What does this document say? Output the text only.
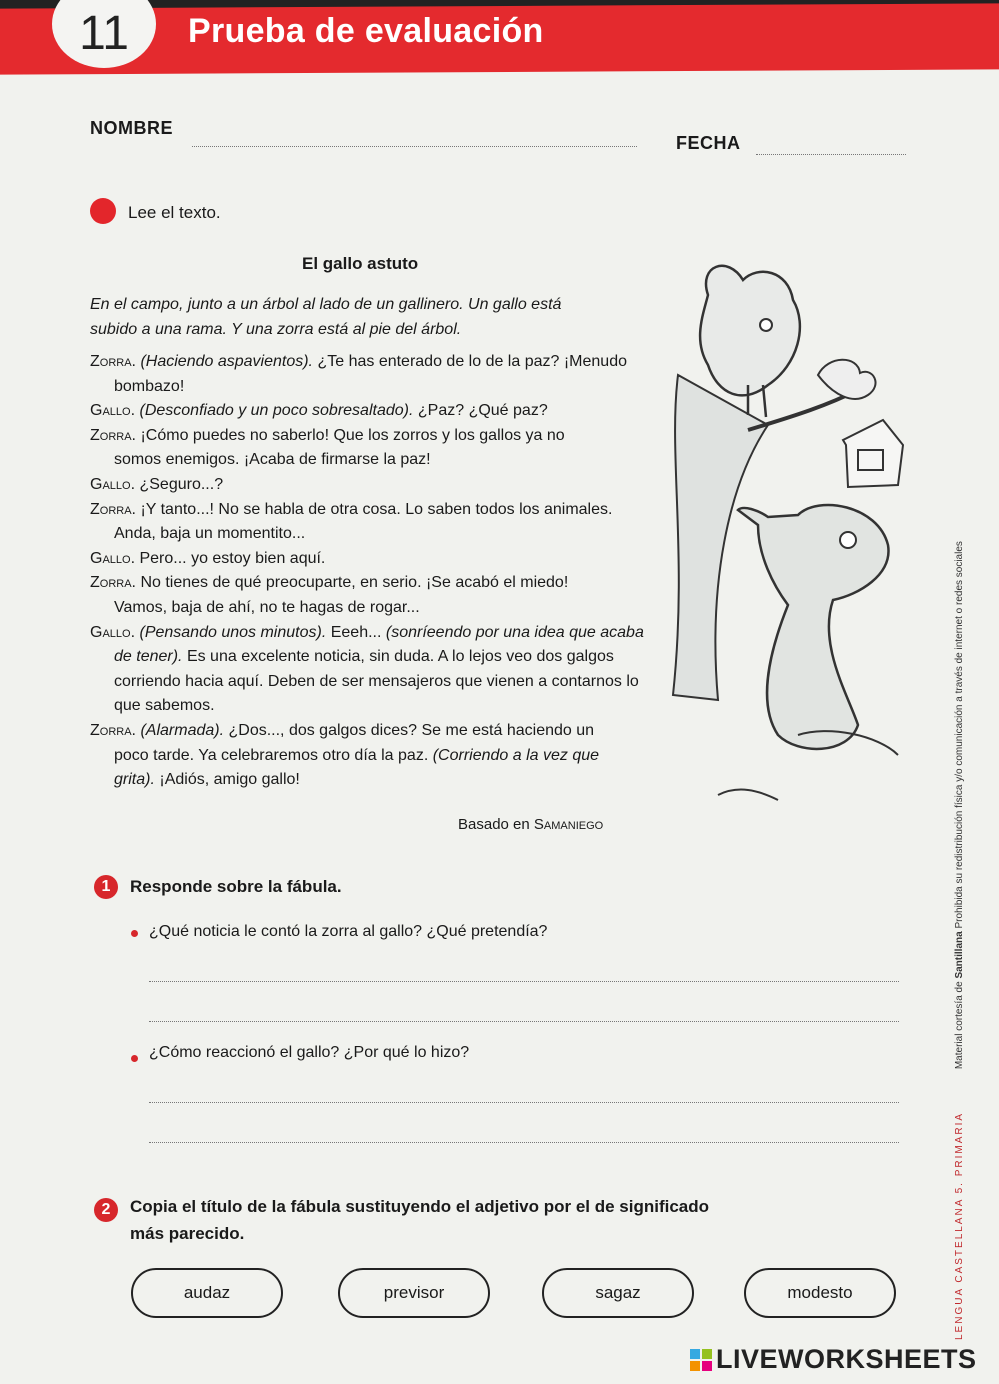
11 Prueba de evaluación
NOMBRE
FECHA
Lee el texto.
El gallo astuto
En el campo, junto a un árbol al lado de un gallinero. Un gallo está
subido a una rama. Y una zorra está al pie del árbol.

Zorra. (Haciendo aspavientos). ¿Te has enterado de lo de la paz? ¡Menudo bombazo!

Gallo. (Desconfiado y un poco sobresaltado). ¿Paz? ¿Qué paz?

Zorra. ¡Cómo puedes no saberlo! Que los zorros y los gallos ya no somos enemigos. ¡Acaba de firmarse la paz!

Gallo. ¿Seguro...?

Zorra. ¡Y tanto...! No se habla de otra cosa. Lo saben todos los animales. Anda, baja un momentito...

Gallo. Pero... yo estoy bien aquí.

Zorra. No tienes de qué preocuparte, en serio. ¡Se acabó el miedo! Vamos, baja de ahí, no te hagas de rogar...

Gallo. (Pensando unos minutos). Eeeh... (sonríeendo por una idea que acaba de tener). Es una excelente noticia, sin duda. A lo lejos veo dos galgos corriendo hacia aquí. Deben de ser mensajeros que vienen a contarnos lo que sabemos.

Zorra. (Alarmada). ¿Dos..., dos galgos dices? Se me está haciendo un poco tarde. Ya celebraremos otro día la paz. (Corriendo a la vez que grita). ¡Adiós, amigo gallo!

Basado en Samaniego
1	Responde sobre la fábula.
¿Qué noticia le contó la zorra al gallo? ¿Qué pretendía?
¿Cómo reaccionó el gallo? ¿Por qué lo hizo?
2	Copia el título de la fábula sustituyendo el adjetivo por el de significado
más parecido.
audaz	previsor	sagaz	modesto	LENGUA CASTELLANA 5. PRIMARIA Material cortesía de Santillana Prohibida su redistribución física y/o comunicación a través de internet o redes sociales
LIVEWORKSHEETS
